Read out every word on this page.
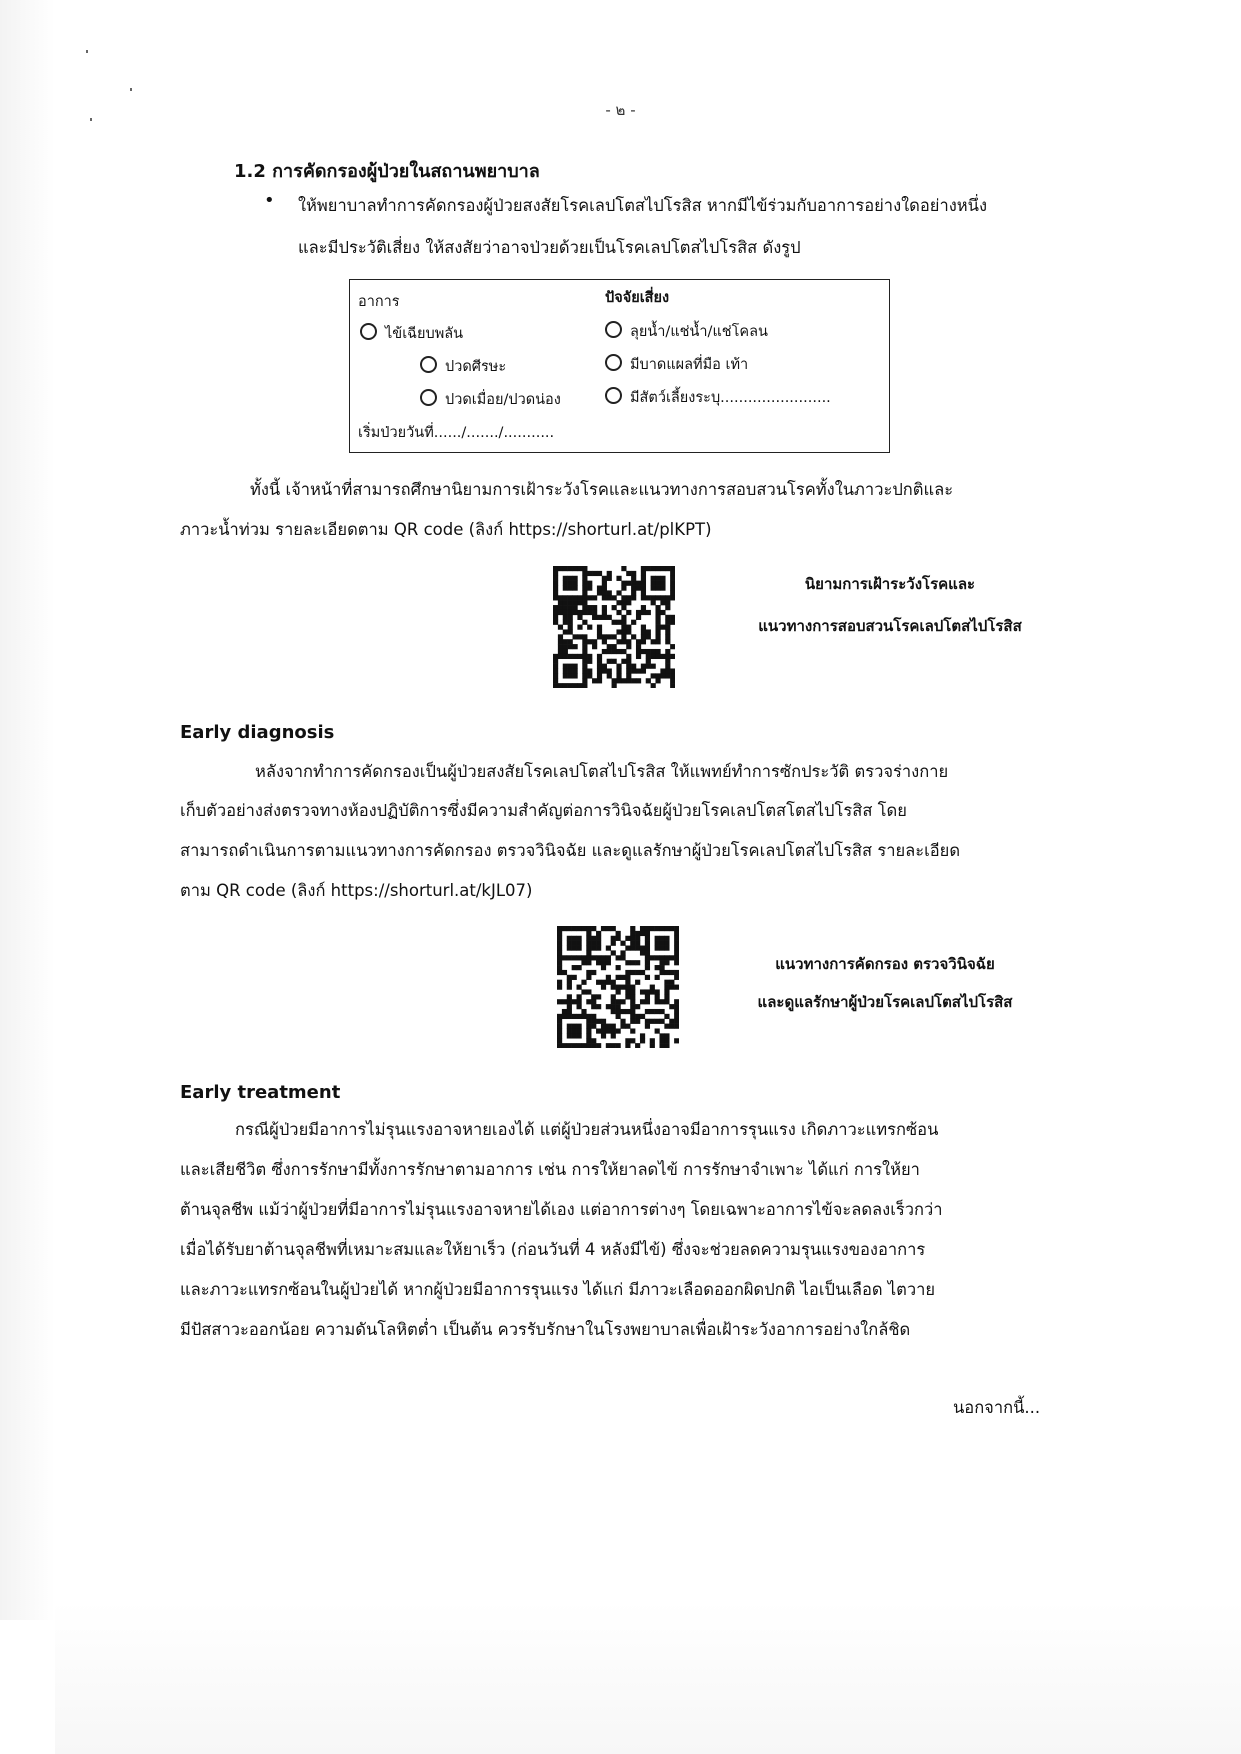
- ๒ -
1.2 การคัดกรองผู้ป่วยในสถานพยาบาล
• ให้พยาบาลทำการคัดกรองผู้ป่วยสงสัยโรคเลปโตสไปโรสิส หากมีไข้ร่วมกับอาการอย่างใดอย่างหนึ่ง
และมีประวัติเสี่ยง ให้สงสัยว่าอาจป่วยด้วยเป็นโรคเลปโตสไปโรสิส ดังรูป
อาการ	ปัจจัยเสี่ยง
ไข้เฉียบพลัน
ปวดศีรษะ
ปวดเมื่อย/ปวดน่อง
ลุยน้ำ/แช่น้ำ/แช่โคลน
มีบาดแผลที่มือ เท้า
มีสัตว์เลี้ยงระบุ........................
เริ่มป่วยวันที่....../......./...........
ทั้งนี้ เจ้าหน้าที่สามารถศึกษานิยามการเฝ้าระวังโรคและแนวทางการสอบสวนโรคทั้งในภาวะปกติและ
ภาวะน้ำท่วม รายละเอียดตาม QR code (ลิงก์ https://shorturl.at/plKPT)
นิยามการเฝ้าระวังโรคและ
แนวทางการสอบสวนโรคเลปโตสไปโรสิส
Early diagnosis
หลังจากทำการคัดกรองเป็นผู้ป่วยสงสัยโรคเลปโตสไปโรสิส ให้แพทย์ทำการซักประวัติ ตรวจร่างกาย
เก็บตัวอย่างส่งตรวจทางห้องปฏิบัติการซึ่งมีความสำคัญต่อการวินิจฉัยผู้ป่วยโรคเลปโตสโตสไปโรสิส โดย
สามารถดำเนินการตามแนวทางการคัดกรอง ตรวจวินิจฉัย และดูแลรักษาผู้ป่วยโรคเลปโตสไปโรสิส รายละเอียด
ตาม QR code (ลิงก์ https://shorturl.at/kJL07)
แนวทางการคัดกรอง ตรวจวินิจฉัย
และดูแลรักษาผู้ป่วยโรคเลปโตสไปโรสิส
Early treatment
กรณีผู้ป่วยมีอาการไม่รุนแรงอาจหายเองได้ แต่ผู้ป่วยส่วนหนึ่งอาจมีอาการรุนแรง เกิดภาวะแทรกซ้อน
และเสียชีวิต ซึ่งการรักษามีทั้งการรักษาตามอาการ เช่น การให้ยาลดไข้ การรักษาจำเพาะ ได้แก่ การให้ยา
ต้านจุลชีพ แม้ว่าผู้ป่วยที่มีอาการไม่รุนแรงอาจหายได้เอง แต่อาการต่างๆ โดยเฉพาะอาการไข้จะลดลงเร็วกว่า
เมื่อได้รับยาต้านจุลชีพที่เหมาะสมและให้ยาเร็ว (ก่อนวันที่ 4 หลังมีไข้) ซึ่งจะช่วยลดความรุนแรงของอาการ
และภาวะแทรกซ้อนในผู้ป่วยได้ หากผู้ป่วยมีอาการรุนแรง ได้แก่ มีภาวะเลือดออกผิดปกติ ไอเป็นเลือด ไตวาย
มีปัสสาวะออกน้อย ความดันโลหิตต่ำ เป็นต้น ควรรับรักษาในโรงพยาบาลเพื่อเฝ้าระวังอาการอย่างใกล้ชิด
นอกจากนี้...
